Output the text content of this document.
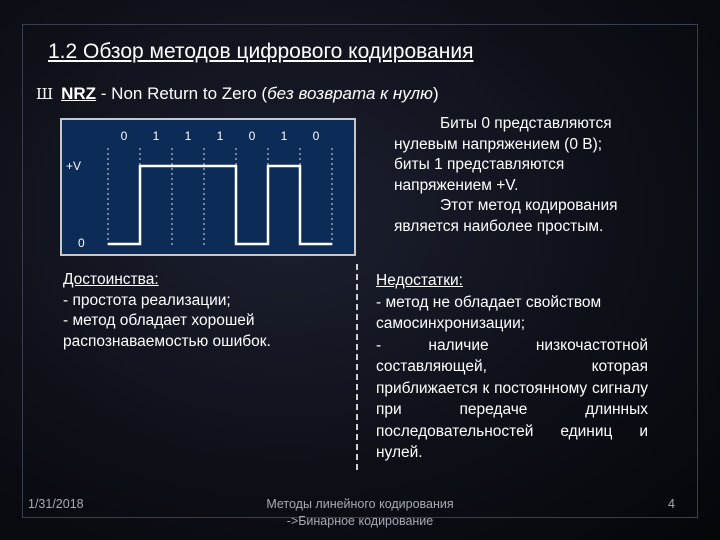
1.2 Обзор методов цифрового кодирования
Ш NRZ - Non Return to Zero (без возврата к нулю)
0 1 1 1 0 1 0
+V
0

Биты 0 представляются нулевым напряжением (0 В);

биты 1 представляются напряжением +V.

Этот метод кодирования является наиболее простым.

Достоинства:

- простота реализации;

- метод обладает хорошей распознаваемостью ошибок.

Недостатки:

- метод не обладает свойством самосинхронизации;

- наличие низкочастотной составляющей, которая приближается к постоянному сигналу при передаче длинных последовательностей единиц и нулей.

1/31/2018	Методы линейного кодирования
->Бинарное кодирование
4
